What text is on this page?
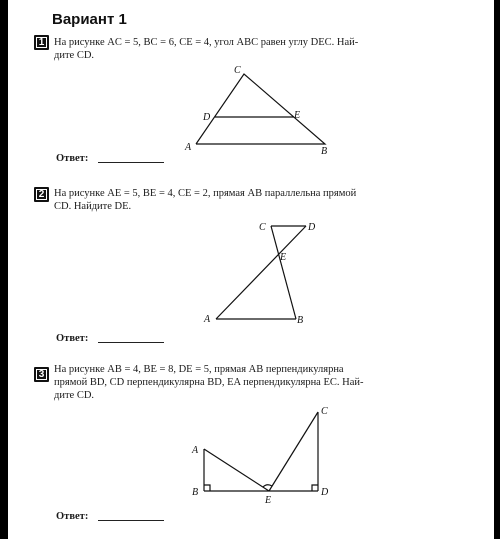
Вариант 1
1 На рисунке AC = 5, BC = 6, CE = 4, угол ABC равен углу DEC. Най-
дите CD.
A	B
C
D	E
Ответ:
2 На рисунке AE = 5, BE = 4, CE = 2, прямая AB параллельна прямой
CD. Найдите DE.
A	B
C	D
E
Ответ:
3 На рисунке AB = 4, BE = 8, DE = 5, прямая AB перпендикулярна
прямой BD, CD перпендикулярна BD, EA перпендикулярна EC. Най-
дите CD.
A
B
C
D
E
Ответ:
